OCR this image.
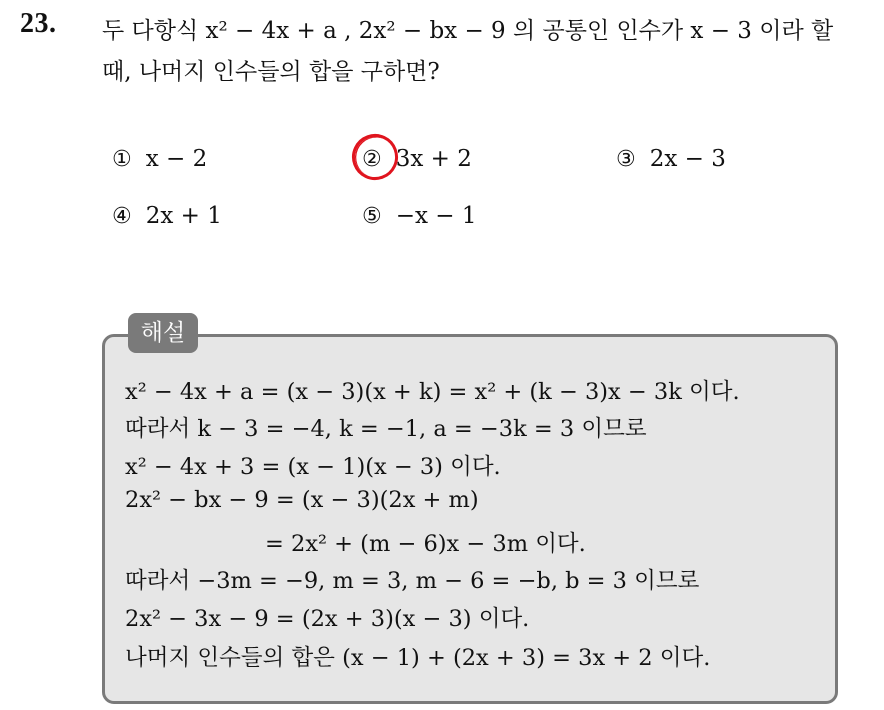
23. 두 다항식 x² − 4x + a , 2x² − bx − 9 의 공통인 인수가 x − 3 이라 할
때, 나머지 인수들의 합을 구하면?
① x − 2	② 3x + 2	③ 2x − 3
④ 2x + 1	⑤ −x − 1
해설
x² − 4x + a = (x − 3)(x + k) = x² + (k − 3)x − 3k 이다.
따라서 k − 3 = −4, k = −1, a = −3k = 3 이므로
x² − 4x + 3 = (x − 1)(x − 3) 이다.
2x² − bx − 9 = (x − 3)(2x + m)
= 2x² + (m − 6)x − 3m 이다.
따라서 −3m = −9, m = 3, m − 6 = −b, b = 3 이므로
2x² − 3x − 9 = (2x + 3)(x − 3) 이다.
나머지 인수들의 합은 (x − 1) + (2x + 3) = 3x + 2 이다.
